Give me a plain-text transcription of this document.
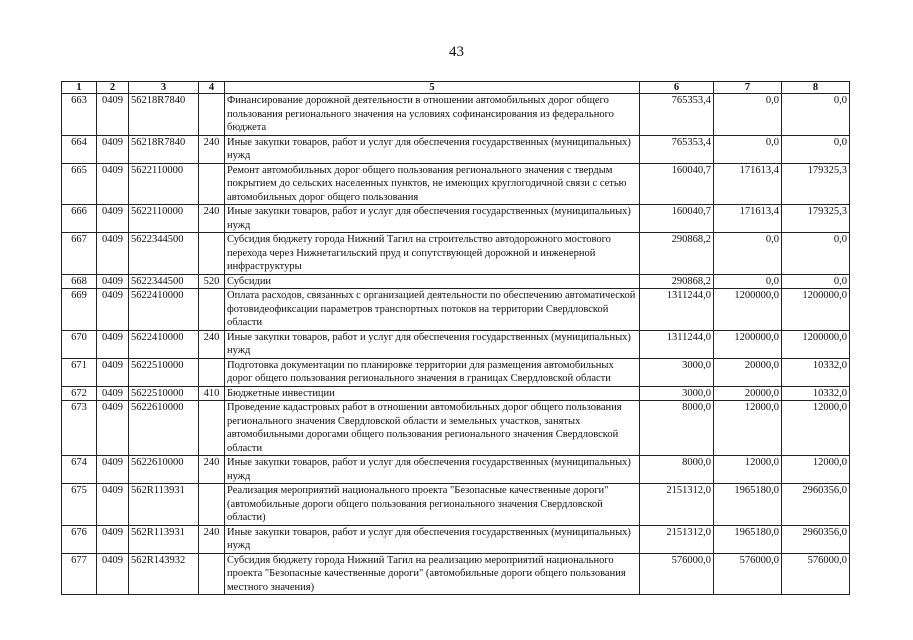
43
1	2	3	4	5	6	7	8
663	0409	56218R7840		Финансирование дорожной деятельности в отношении автомобильных дорог общего пользования регионального значения на условиях софинансирования из федерального бюджета	765353,4	0,0	0,0
664	0409	56218R7840	240	Иные закупки товаров, работ и услуг для обеспечения государственных (муниципальных) нужд	765353,4	0,0	0,0
665	0409	5622110000		Ремонт автомобильных дорог общего пользования регионального значения с твердым покрытием до сельских населенных пунктов, не имеющих круглогодичной связи с сетью автомобильных дорог общего пользования	160040,7	171613,4	179325,3
666	0409	5622110000	240	Иные закупки товаров, работ и услуг для обеспечения государственных (муниципальных) нужд	160040,7	171613,4	179325,3
667	0409	5622344500		Субсидия бюджету города Нижний Тагил на строительство автодорожного мостового перехода через Нижнетагильский пруд и сопутствующей дорожной и инженерной инфраструктуры	290868,2	0,0	0,0
668	0409	5622344500	520	Субсидии	290868,2	0,0	0,0
669	0409	5622410000		Оплата расходов, связанных с организацией деятельности по обеспечению автоматической фотовидеофиксации параметров транспортных потоков на территории Свердловской области	1311244,0	1200000,0	1200000,0
670	0409	5622410000	240	Иные закупки товаров, работ и услуг для обеспечения государственных (муниципальных) нужд	1311244,0	1200000,0	1200000,0
671	0409	5622510000		Подготовка документации по планировке территории для размещения автомобильных дорог общего пользования регионального значения в границах Свердловской области	3000,0	20000,0	10332,0
672	0409	5622510000	410	Бюджетные инвестиции	3000,0	20000,0	10332,0
673	0409	5622610000		Проведение кадастровых работ в отношении автомобильных дорог общего пользования регионального значения Свердловской области и земельных участков, занятых автомобильными дорогами общего пользования регионального значения Свердловской области	8000,0	12000,0	12000,0
674	0409	5622610000	240	Иные закупки товаров, работ и услуг для обеспечения государственных (муниципальных) нужд	8000,0	12000,0	12000,0
675	0409	562R113931		Реализация мероприятий национального проекта "Безопасные качественные дороги" (автомобильные дороги общего пользования регионального значения Свердловской области)	2151312,0	1965180,0	2960356,0
676	0409	562R113931	240	Иные закупки товаров, работ и услуг для обеспечения государственных (муниципальных) нужд	2151312,0	1965180,0	2960356,0
677	0409	562R143932		Субсидия бюджету города Нижний Тагил на реализацию мероприятий национального проекта "Безопасные качественные дороги" (автомобильные дороги общего пользования местного значения)	576000,0	576000,0	576000,0
